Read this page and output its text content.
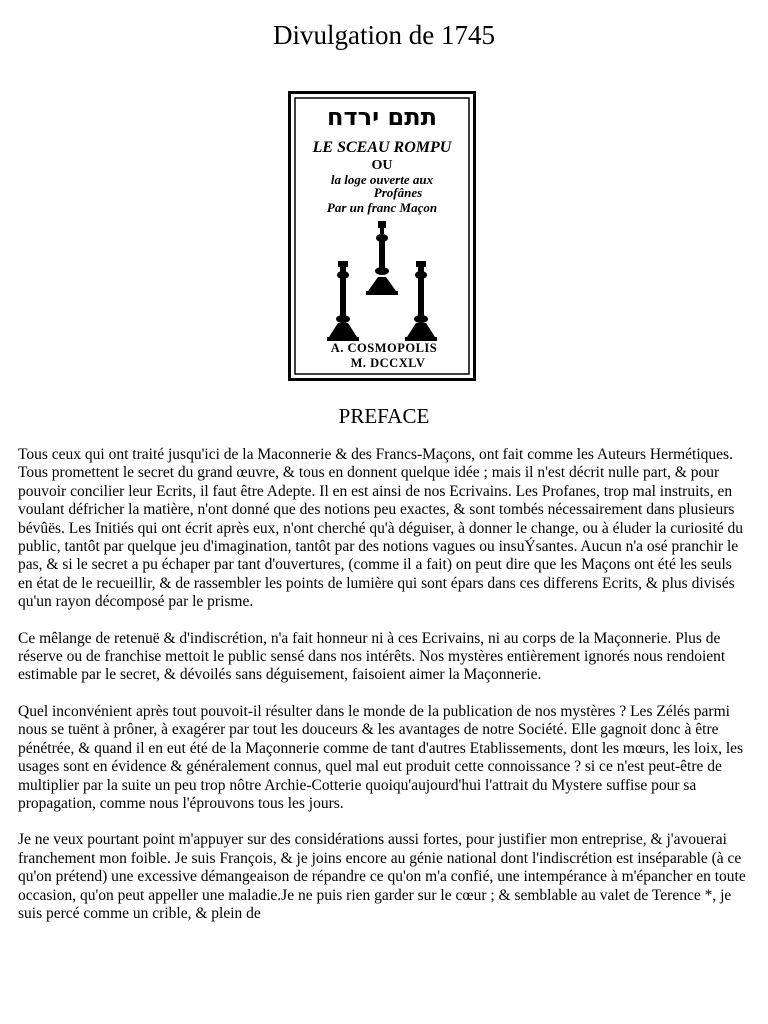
Divulgation de 1745
תתם ירדח
LE SCEAU ROMPU
OU
la loge ouverte aux
Profânes
Par un franc Maçon
A. COSMOPOLIS
M. DCCXLV
PREFACE

Tous ceux qui ont traité jusqu'ici de la Maconnerie & des Francs-Maçons, ont fait comme les Auteurs Hermétiques. Tous promettent le secret du grand œuvre, & tous en donnent quelque idée ; mais il n'est décrit nulle part, & pour pouvoir concilier leur Ecrits, il faut être Adepte. Il en est ainsi de nos Ecrivains. Les Profanes, trop mal instruits, en voulant défricher la matière, n'ont donné que des notions peu exactes, & sont tombés nécessairement dans plusieurs bévûës. Les Initiés qui ont écrit après eux, n'ont cherché qu'à déguiser, à donner le change, ou à éluder la curiosité du public, tantôt par quelque jeu d'imagination, tantôt par des notions vagues ou insuÝsantes. Aucun n'a osé pranchir le pas, & si le secret a pu échaper par tant d'ouvertures, (comme il a fait) on peut dire que les Maçons ont été les seuls en état de le recueillir, & de rassembler les points de lumière qui sont épars dans ces differens Ecrits, & plus divisés qu'un rayon décomposé par le prisme.

Ce mêlange de retenuë & d'indiscrétion, n'a fait honneur ni à ces Ecrivains, ni au corps de la Maçonnerie. Plus de réserve ou de franchise mettoit le public sensé dans nos intérêts. Nos mystères entièrement ignorés nous rendoient estimable par le secret, & dévoilés sans déguisement, faisoient aimer la Maçonnerie.

Quel inconvénient après tout pouvoit-il résulter dans le monde de la publication de nos mystères ? Les Zélés parmi nous se tuënt à prôner, à exagérer par tout les douceurs & les avantages de notre Société. Elle gagnoit donc à être pénétrée, & quand il en eut été de la Maçonnerie comme de tant d'autres Etablissements, dont les mœurs, les loix, les usages sont en évidence & généralement connus, quel mal eut produit cette connoissance ? si ce n'est peut-être de multiplier par la suite un peu trop nôtre Archie-Cotterie quoiqu'aujourd'hui l'attrait du Mystere suffise pour sa propagation, comme nous l'éprouvons tous les jours.

Je ne veux pourtant point m'appuyer sur des considérations aussi fortes, pour justifier mon entreprise, & j'avouerai franchement mon foible. Je suis François, & je joins encore au génie national dont l'indiscrétion est inséparable (à ce qu'on prétend) une excessive démangeaison de répandre ce qu'on m'a confié, une intempérance à m'épancher en toute occasion, qu'on peut appeller une maladie.Je ne puis rien garder sur le cœur ; & semblable au valet de Terence *, je suis percé comme un crible, & plein de
